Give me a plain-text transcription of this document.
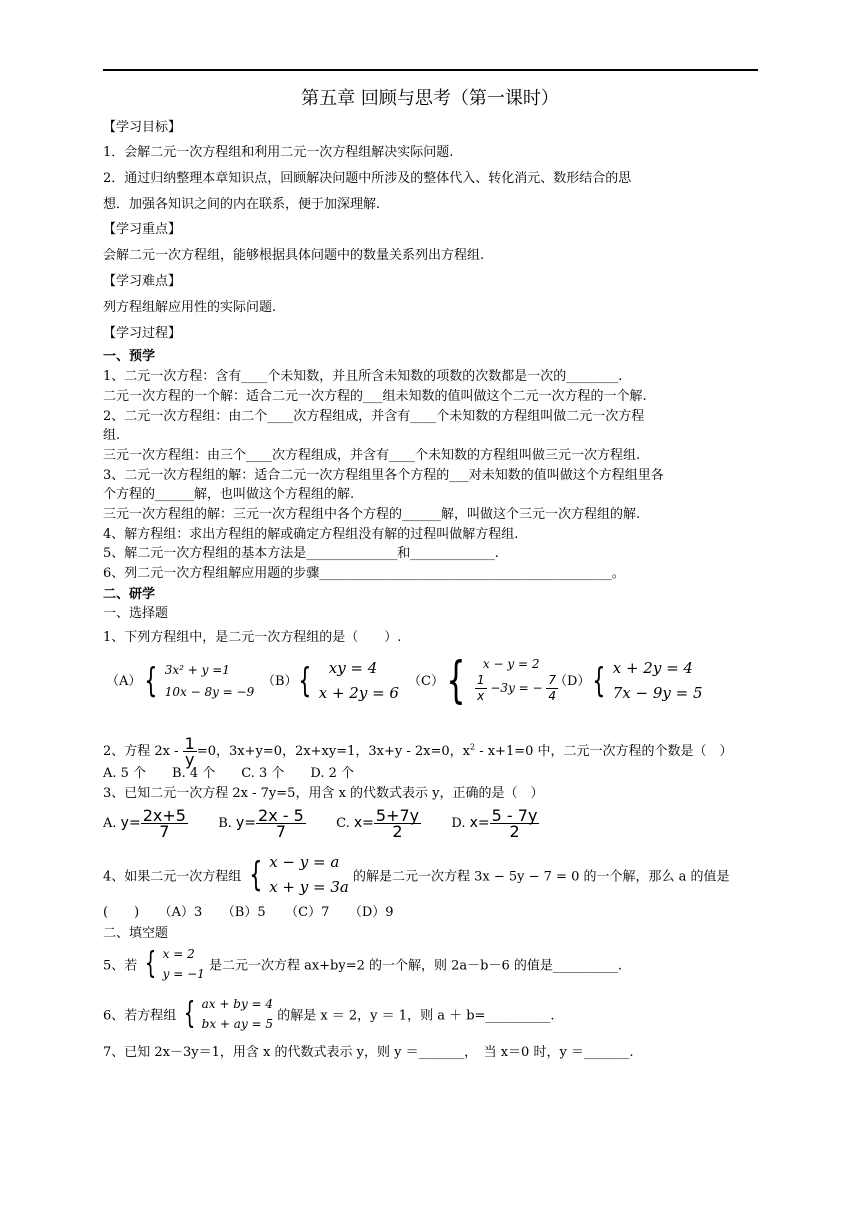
第五章 回顾与思考（第一课时）
【学习目标】
1．会解二元一次方程组和利用二元一次方程组解决实际问题.
2．通过归纳整理本章知识点，回顾解决问题中所涉及的整体代入、转化消元、数形结合的思
想．加强各知识之间的内在联系，便于加深理解.
【学习重点】
会解二元一次方程组，能够根据具体问题中的数量关系列出方程组.
【学习难点】
列方程组解应用性的实际问题.
【学习过程】
一、预学
1、二元一次方程：含有____个未知数，并且所含未知数的项数的次数都是一次的________.
二元一次方程的一个解：适合二元一次方程的___组未知数的值叫做这个二元一次方程的一个解.
2、二元一次方程组：由二个____次方程组成，并含有____个未知数的方程组叫做二元一次方程
组.
三元一次方程组：由三个____次方程组成，并含有____个未知数的方程组叫做三元一次方程组.
3、二元一次方程组的解：适合二元一次方程组里各个方程的___对未知数的值叫做这个方程组里各
个方程的______解，也叫做这个方程组的解.
三元一次方程组的解：三元一次方程组中各个方程的______解，叫做这个三元一次方程组的解.
4、解方程组：求出方程组的解或确定方程组没有解的过程叫做解方程组.
5、解二元一次方程组的基本方法是______________和_____________.
6、列二元一次方程组解应用题的步骤_____________________________________________。
二、研学
一、选择题
1、下列方程组中，是二元一次方程组的是（　　）.
（A） { 3x² + y =1
10x − 8y = −9
（B） {	xy = 4
x + 2y = 6
（C） {	x − y = 2
$\frac{1}{x} -3y$ = − $\frac{7}{4}$
（D） { x + 2y = 4
7x − 9y = 5
2、方程 $2x - \frac{1}{y} =0$，3x+y=0，2x+xy=1，3x+y - 2x=0，$x^2 - x+1=0$ 中，二元一次方程的个数是（　）
A. 5 个　　B. 4 个　　C. 3 个　　D. 2 个
3、已知二元一次方程 2x - 7y=5，用含 x 的代数式表示 y，正确的是（　）
A. $y= \frac{2x+5}{7} B$. $y= \frac{2x - 5}{7} C$. $x= \frac{5+7y}{2} D$. $x= \frac{5 - 7y}{2}$
4、如果二元一次方程组 { x − y = a
x + y = 3a
的解是二元一次方程 3x − 5y − 7 = 0 的一个解，那么 a 的值是
(　　)　　（A）3　　（B）5　　（C）7　　（D）9
二、填空题
5、若 { x = 2
y = −1
是二元一次方程 ax+by=2 的一个解，则 2a－b－6 的值是__________.
6、若方程组 { ax + by = 4
bx + ay = 5
的解是 x ＝ 2，y ＝ 1，则 a ＋ b=__________.
7、已知 2x－3y＝1，用含 x 的代数式表示 y，则 y ＝_______，　当 x＝0 时，y ＝_______.
